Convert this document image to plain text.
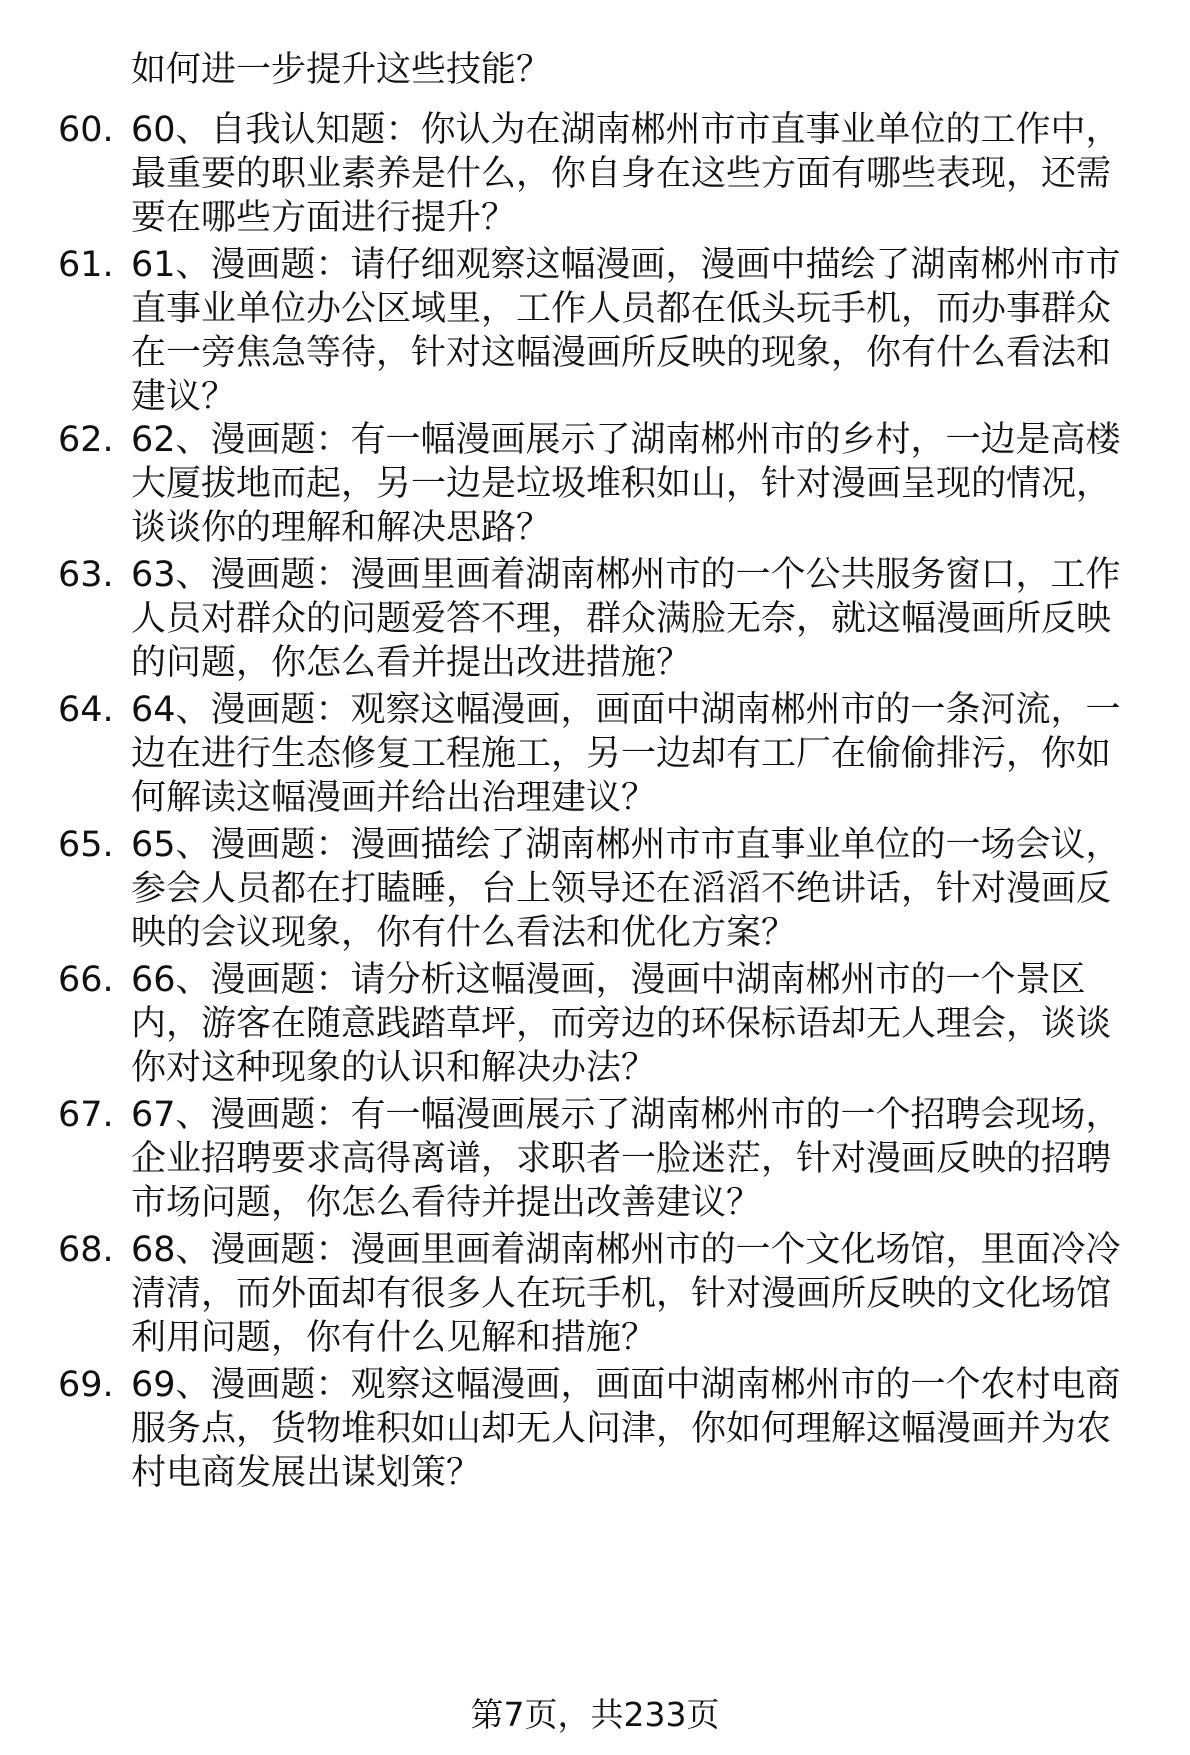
如何进一步提升这些技能？
60. 60、自我认知题：你认为在湖南郴州市市直事业单位的工作中，
最重要的职业素养是什么，你自身在这些方面有哪些表现，还需
要在哪些方面进行提升？
61. 61、漫画题：请仔细观察这幅漫画，漫画中描绘了湖南郴州市市
直事业单位办公区域里，工作人员都在低头玩手机，而办事群众
在一旁焦急等待，针对这幅漫画所反映的现象，你有什么看法和
建议？
62. 62、漫画题：有一幅漫画展示了湖南郴州市的乡村，一边是高楼
大厦拔地而起，另一边是垃圾堆积如山，针对漫画呈现的情况，
谈谈你的理解和解决思路？
63. 63、漫画题：漫画里画着湖南郴州市的一个公共服务窗口，工作
人员对群众的问题爱答不理，群众满脸无奈，就这幅漫画所反映
的问题，你怎么看并提出改进措施？
64. 64、漫画题：观察这幅漫画，画面中湖南郴州市的一条河流，一
边在进行生态修复工程施工，另一边却有工厂在偷偷排污，你如
何解读这幅漫画并给出治理建议？
65. 65、漫画题：漫画描绘了湖南郴州市市直事业单位的一场会议，
参会人员都在打瞌睡，台上领导还在滔滔不绝讲话，针对漫画反
映的会议现象，你有什么看法和优化方案？
66. 66、漫画题：请分析这幅漫画，漫画中湖南郴州市的一个景区
内，游客在随意践踏草坪，而旁边的环保标语却无人理会，谈谈
你对这种现象的认识和解决办法？
67. 67、漫画题：有一幅漫画展示了湖南郴州市的一个招聘会现场，
企业招聘要求高得离谱，求职者一脸迷茫，针对漫画反映的招聘
市场问题，你怎么看待并提出改善建议？
68. 68、漫画题：漫画里画着湖南郴州市的一个文化场馆，里面冷冷
清清，而外面却有很多人在玩手机，针对漫画所反映的文化场馆
利用问题，你有什么见解和措施？
69. 69、漫画题：观察这幅漫画，画面中湖南郴州市的一个农村电商
服务点，货物堆积如山却无人问津，你如何理解这幅漫画并为农
村电商发展出谋划策？
第7页，共233页
